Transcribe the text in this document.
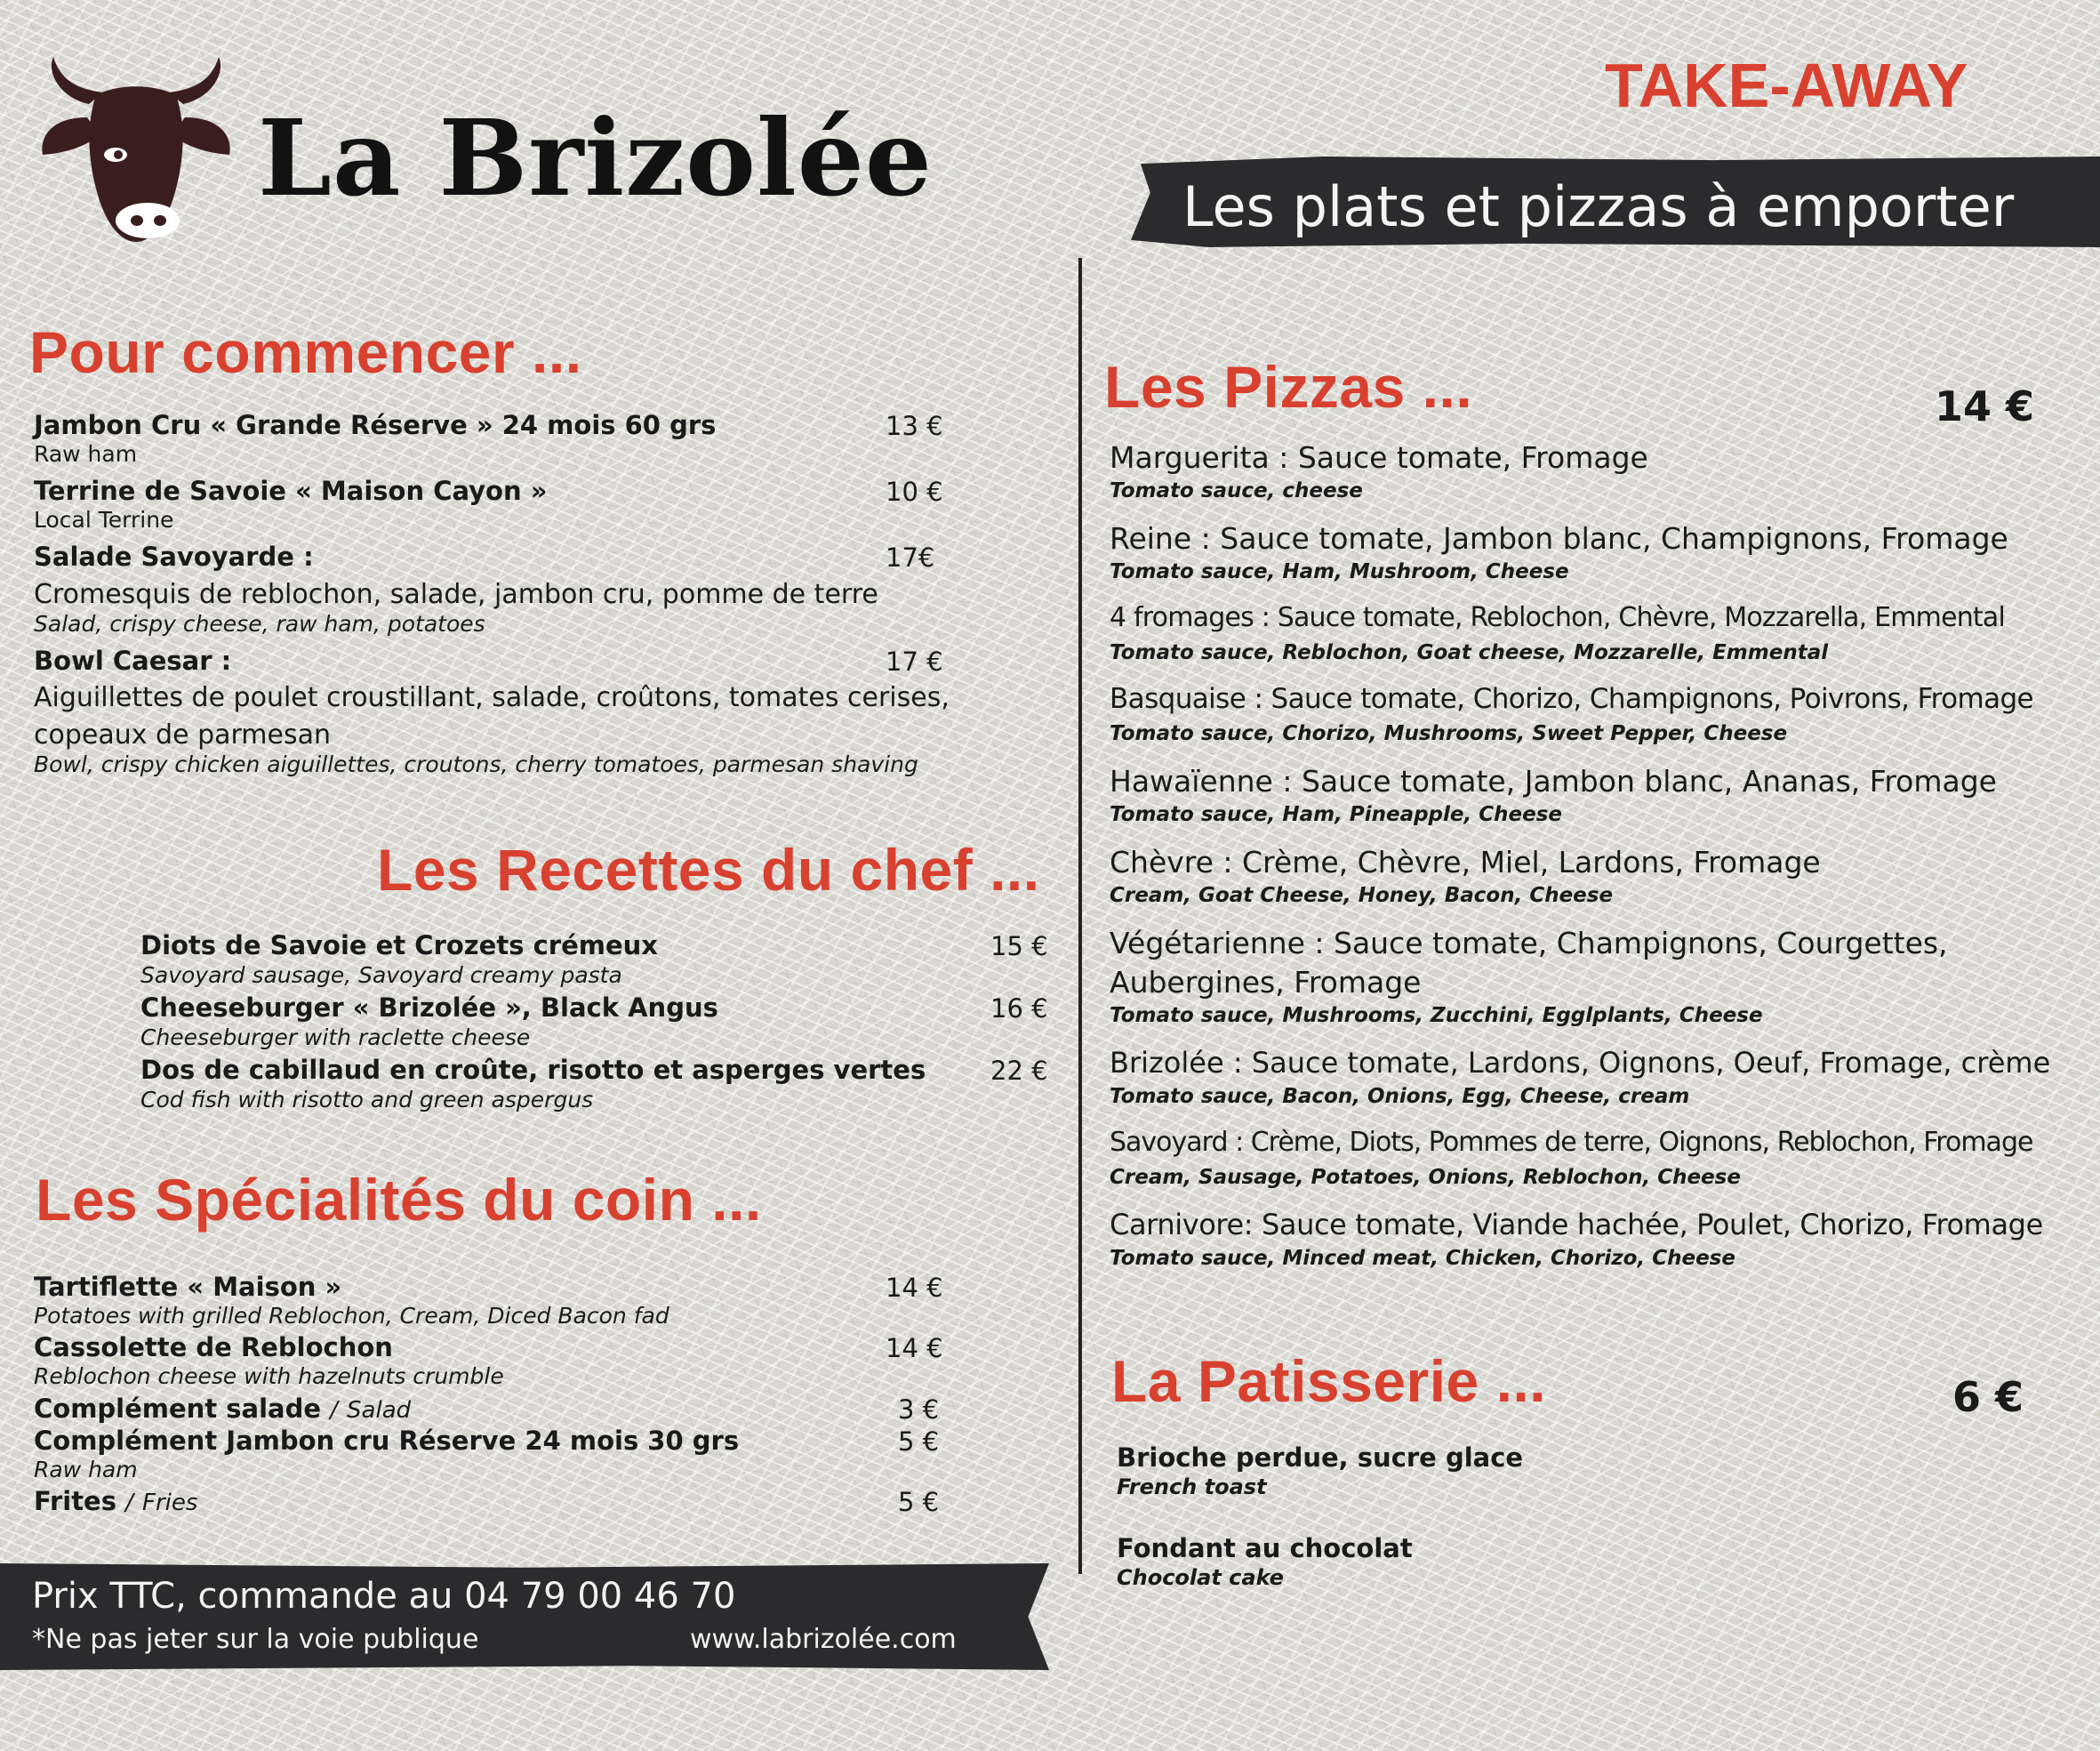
La Brizolée
TAKE-AWAY
Les plats et pizzas à emporter
Pour commencer ...
Jambon Cru « Grande Réserve » 24 mois 60 grs	13 €
Raw ham
Terrine de Savoie « Maison Cayon »	10 €
Local Terrine
Salade Savoyarde :	17€
Cromesquis de reblochon, salade, jambon cru, pomme de terre
Salad, crispy cheese, raw ham, potatoes
Bowl Caesar :	17 €
Aiguillettes de poulet croustillant, salade, croûtons, tomates cerises,
copeaux de parmesan
Bowl, crispy chicken aiguillettes, croutons, cherry tomatoes, parmesan shaving
Les Recettes du chef ...
Diots de Savoie et Crozets crémeux	15 €
Savoyard sausage, Savoyard creamy pasta
Cheeseburger « Brizolée », Black Angus	16 €
Cheeseburger with raclette cheese
Dos de cabillaud en croûte, risotto et asperges vertes	22 €
Cod fish with risotto and green aspergus
Les Spécialités du coin ...
Tartiflette « Maison »	14 €
Potatoes with grilled Reblochon, Cream, Diced Bacon fad
Cassolette de Reblochon	14 €
Reblochon cheese with hazelnuts crumble
Complément salade / Salad	3 €
Complément Jambon cru Réserve 24 mois 30 grs	5 €
Raw ham
Frites / Fries	5 €
Prix TTC, commande au 04 79 00 46 70
*Ne pas jeter sur la voie publique	www.labrizolée.com
Les Pizzas ...	14 €
Marguerita : Sauce tomate, Fromage
Tomato sauce, cheese
Reine : Sauce tomate, Jambon blanc, Champignons, Fromage
Tomato sauce, Ham, Mushroom, Cheese
4 fromages : Sauce tomate, Reblochon, Chèvre, Mozzarella, Emmental
Tomato sauce, Reblochon, Goat cheese, Mozzarelle, Emmental
Basquaise : Sauce tomate, Chorizo, Champignons, Poivrons, Fromage
Tomato sauce, Chorizo, Mushrooms, Sweet Pepper, Cheese
Hawaïenne : Sauce tomate, Jambon blanc, Ananas, Fromage
Tomato sauce, Ham, Pineapple, Cheese
Chèvre : Crème, Chèvre, Miel, Lardons, Fromage
Cream, Goat Cheese, Honey, Bacon, Cheese
Végétarienne : Sauce tomate, Champignons, Courgettes,
Aubergines, Fromage
Tomato sauce, Mushrooms, Zucchini, Egglplants, Cheese
Brizolée : Sauce tomate, Lardons, Oignons, Oeuf, Fromage, crème
Tomato sauce, Bacon, Onions, Egg, Cheese, cream
Savoyard : Crème, Diots, Pommes de terre, Oignons, Reblochon, Fromage
Cream, Sausage, Potatoes, Onions, Reblochon, Cheese
Carnivore: Sauce tomate, Viande hachée, Poulet, Chorizo, Fromage
Tomato sauce, Minced meat, Chicken, Chorizo, Cheese
La Patisserie ...	6 €
Brioche perdue, sucre glace
French toast
Fondant au chocolat
Chocolat cake
